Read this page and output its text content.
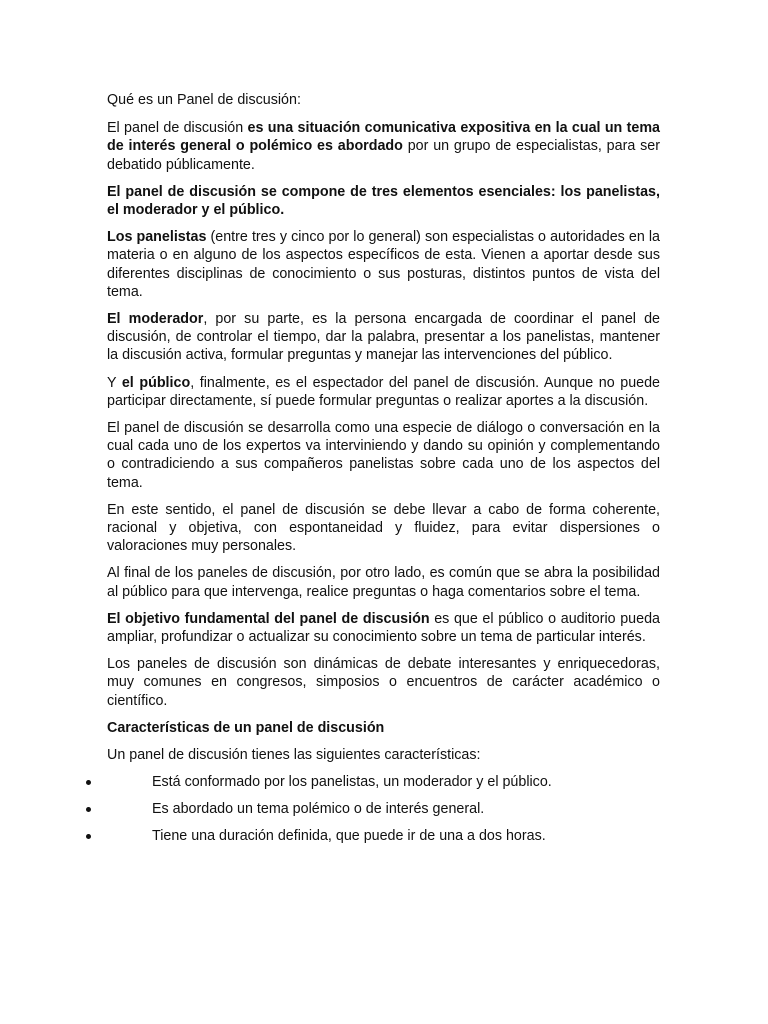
Qué es un Panel de discusión:

El panel de discusión es una situación comunicativa expositiva en la cual un tema de interés general o polémico es abordado por un grupo de especialistas, para ser debatido públicamente.

El panel de discusión se compone de tres elementos esenciales: los panelistas, el moderador y el público.

Los panelistas (entre tres y cinco por lo general) son especialistas o autoridades en la materia o en alguno de los aspectos específicos de esta. Vienen a aportar desde sus diferentes disciplinas de conocimiento o sus posturas, distintos puntos de vista del tema.

El moderador, por su parte, es la persona encargada de coordinar el panel de discusión, de controlar el tiempo, dar la palabra, presentar a los panelistas, mantener la discusión activa, formular preguntas y manejar las intervenciones del público.

Y el público, finalmente, es el espectador del panel de discusión. Aunque no puede participar directamente, sí puede formular preguntas o realizar aportes a la discusión.

El panel de discusión se desarrolla como una especie de diálogo o conversación en la cual cada uno de los expertos va interviniendo y dando su opinión y complementando o contradiciendo a sus compañeros panelistas sobre cada uno de los aspectos del tema.

En este sentido, el panel de discusión se debe llevar a cabo de forma coherente, racional y objetiva, con espontaneidad y fluidez, para evitar dispersiones o valoraciones muy personales.

Al final de los paneles de discusión, por otro lado, es común que se abra la posibilidad al público para que intervenga, realice preguntas o haga comentarios sobre el tema.

El objetivo fundamental del panel de discusión es que el público o auditorio pueda ampliar, profundizar o actualizar su conocimiento sobre un tema de particular interés.

Los paneles de discusión son dinámicas de debate interesantes y enriquecedoras, muy comunes en congresos, simposios o encuentros de carácter académico o científico.

Características de un panel de discusión

Un panel de discusión tienes las siguientes características:

Está conformado por los panelistas, un moderador y el público.
Es abordado un tema polémico o de interés general.
Tiene una duración definida, que puede ir de una a dos horas.
